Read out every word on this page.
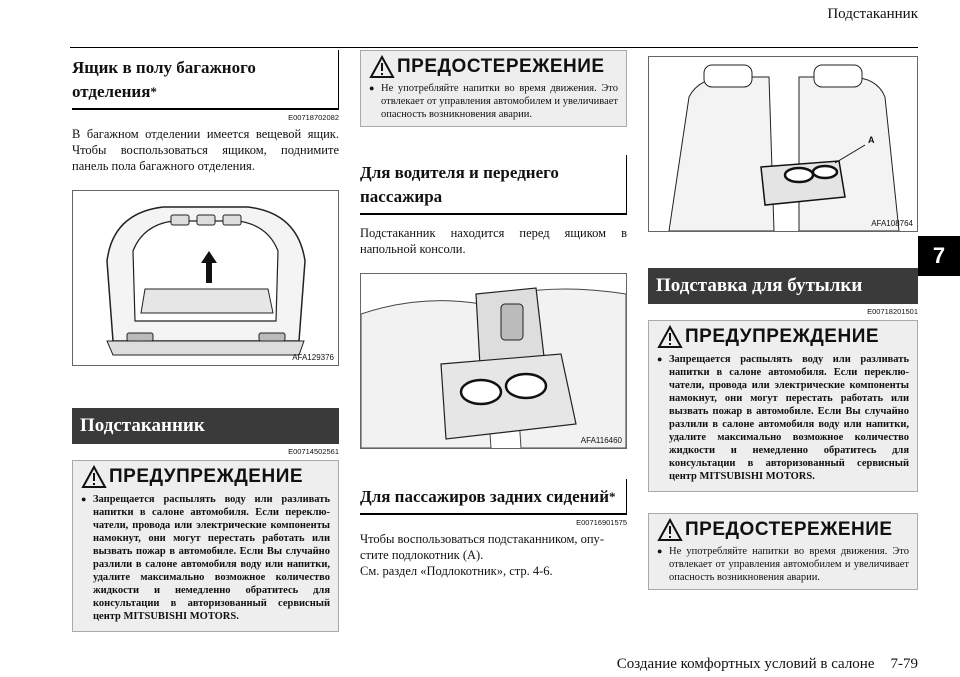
Подстаканник
7
Ящик в полу багажного отделения*
E00718702082
В багажном отделении имеется вещевой ящик. Чтобы воспользоваться ящиком, поднимите панель пола багажного отделения.
AFA129376
Подстаканник
E00714502561
ПРЕДУПРЕЖДЕНИЕ
● Запрещается распылять воду или разливать напитки в салоне автомобиля. Если переключатели, провода или электрические компоненты намокнут, они могут перестать работать или вызвать пожар в автомобиле. Если Вы случайно разлили в салоне автомобиля воду или напитки, удалите максимально возможное количество жидкости и немедленно обратитесь для консультации в авторизованный сервисный центр MITSUBISHI MOTORS.
ПРЕДОСТЕРЕЖЕНИЕ
● Не употребляйте напитки во время движения. Это отвлекает от управления автомобилем и увеличивает опасность возникновения аварии.
Для водителя и переднего пассажира
Подстаканник находится перед ящиком в напольной консоли.
AFA116460
Для пассажиров задних сидений*
E00716901575
Чтобы воспользоваться подстаканником, опустите подлокотник (A).
См. раздел «Подлокотник», стр. 4-6.
A
AFA108764
Подставка для бутылки
E00718201501
ПРЕДУПРЕЖДЕНИЕ
● Запрещается распылять воду или разливать напитки в салоне автомобиля. Если переключатели, провода или электрические компоненты намокнут, они могут перестать работать или вызвать пожар в автомобиле. Если Вы случайно разлили в салоне автомобиля воду или напитки, удалите максимально возможное количество жидкости и немедленно обратитесь для консультации в авторизованный сервисный центр MITSUBISHI MOTORS.
ПРЕДОСТЕРЕЖЕНИЕ
● Не употребляйте напитки во время движения. Это отвлекает от управления автомобилем и увеличивает опасность возникновения аварии.
Создание комфортных условий в салоне 7-79
